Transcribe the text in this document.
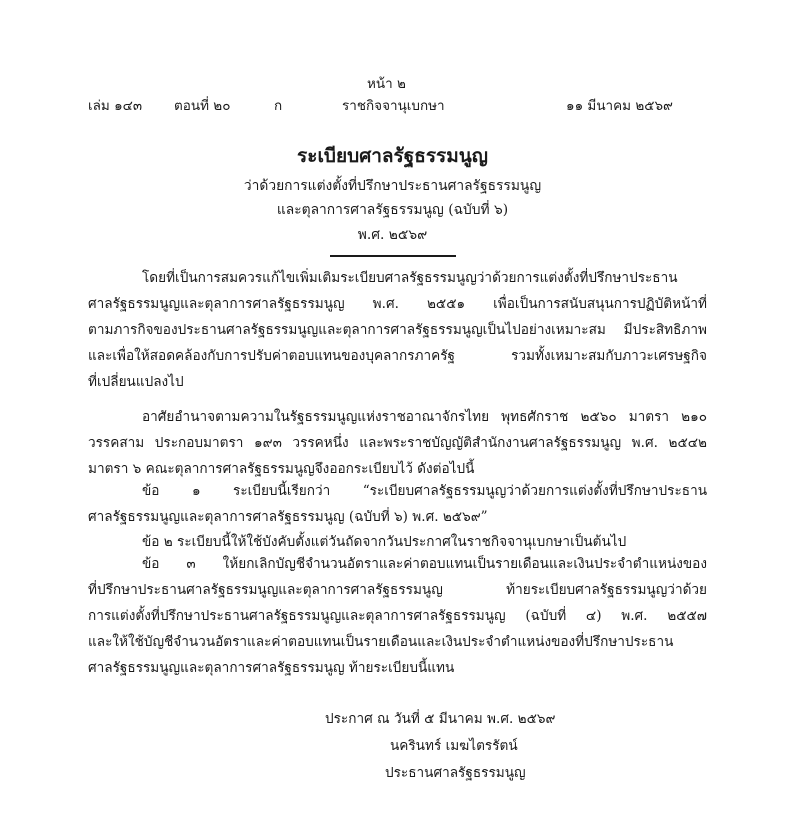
หน้า ๒
เล่ม ๑๔๓ ตอนที่ ๒๐	ก	ราชกิจจานุเบกษา	๑๑ มีนาคม ๒๕๖๙
ระเบียบศาลรัฐธรรมนูญ
ว่าด้วยการแต่งตั้งที่ปรึกษาประธานศาลรัฐธรรมนูญ
และตุลาการศาลรัฐธรรมนูญ (ฉบับที่ ๖)
พ.ศ. ๒๕๖๙
โดยที่เป็นการสมควรแก้ไขเพิ่มเติมระเบียบศาลรัฐธรรมนูญว่าด้วยการแต่งตั้งที่ปรึกษาประธาน
ศาลรัฐธรรมนูญและตุลาการศาลรัฐธรรมนูญ พ.ศ. ๒๕๕๑ เพื่อเป็นการสนับสนุนการปฏิบัติหน้าที่
ตามภารกิจของประธานศาลรัฐธรรมนูญและตุลาการศาลรัฐธรรมนูญเป็นไปอย่างเหมาะสม มีประสิทธิภาพ
และเพื่อให้สอดคล้องกับการปรับค่าตอบแทนของบุคลากรภาครัฐ รวมทั้งเหมาะสมกับภาวะเศรษฐกิจ
ที่เปลี่ยนแปลงไป
อาศัยอำนาจตามความในรัฐธรรมนูญแห่งราชอาณาจักรไทย พุทธศักราช ๒๕๖๐ มาตรา ๒๑๐
วรรคสาม ประกอบมาตรา ๑๙๓ วรรคหนึ่ง และพระราชบัญญัติสำนักงานศาลรัฐธรรมนูญ พ.ศ. ๒๕๔๒
มาตรา ๖ คณะตุลาการศาลรัฐธรรมนูญจึงออกระเบียบไว้ ดังต่อไปนี้
ข้อ ๑ ระเบียบนี้เรียกว่า “ระเบียบศาลรัฐธรรมนูญว่าด้วยการแต่งตั้งที่ปรึกษาประธาน
ศาลรัฐธรรมนูญและตุลาการศาลรัฐธรรมนูญ (ฉบับที่ ๖) พ.ศ. ๒๕๖๙”
ข้อ ๒ ระเบียบนี้ให้ใช้บังคับตั้งแต่วันถัดจากวันประกาศในราชกิจจานุเบกษาเป็นต้นไป
ข้อ ๓ ให้ยกเลิกบัญชีจำนวนอัตราและค่าตอบแทนเป็นรายเดือนและเงินประจำตำแหน่งของ
ที่ปรึกษาประธานศาลรัฐธรรมนูญและตุลาการศาลรัฐธรรมนูญ ท้ายระเบียบศาลรัฐธรรมนูญว่าด้วย
การแต่งตั้งที่ปรึกษาประธานศาลรัฐธรรมนูญและตุลาการศาลรัฐธรรมนูญ (ฉบับที่ ๔) พ.ศ. ๒๕๕๗
และให้ใช้บัญชีจำนวนอัตราและค่าตอบแทนเป็นรายเดือนและเงินประจำตำแหน่งของที่ปรึกษาประธาน
ศาลรัฐธรรมนูญและตุลาการศาลรัฐธรรมนูญ ท้ายระเบียบนี้แทน
ประกาศ ณ วันที่ ๕ มีนาคม พ.ศ. ๒๕๖๙
นครินทร์ เมฆไตรรัตน์
ประธานศาลรัฐธรรมนูญ
